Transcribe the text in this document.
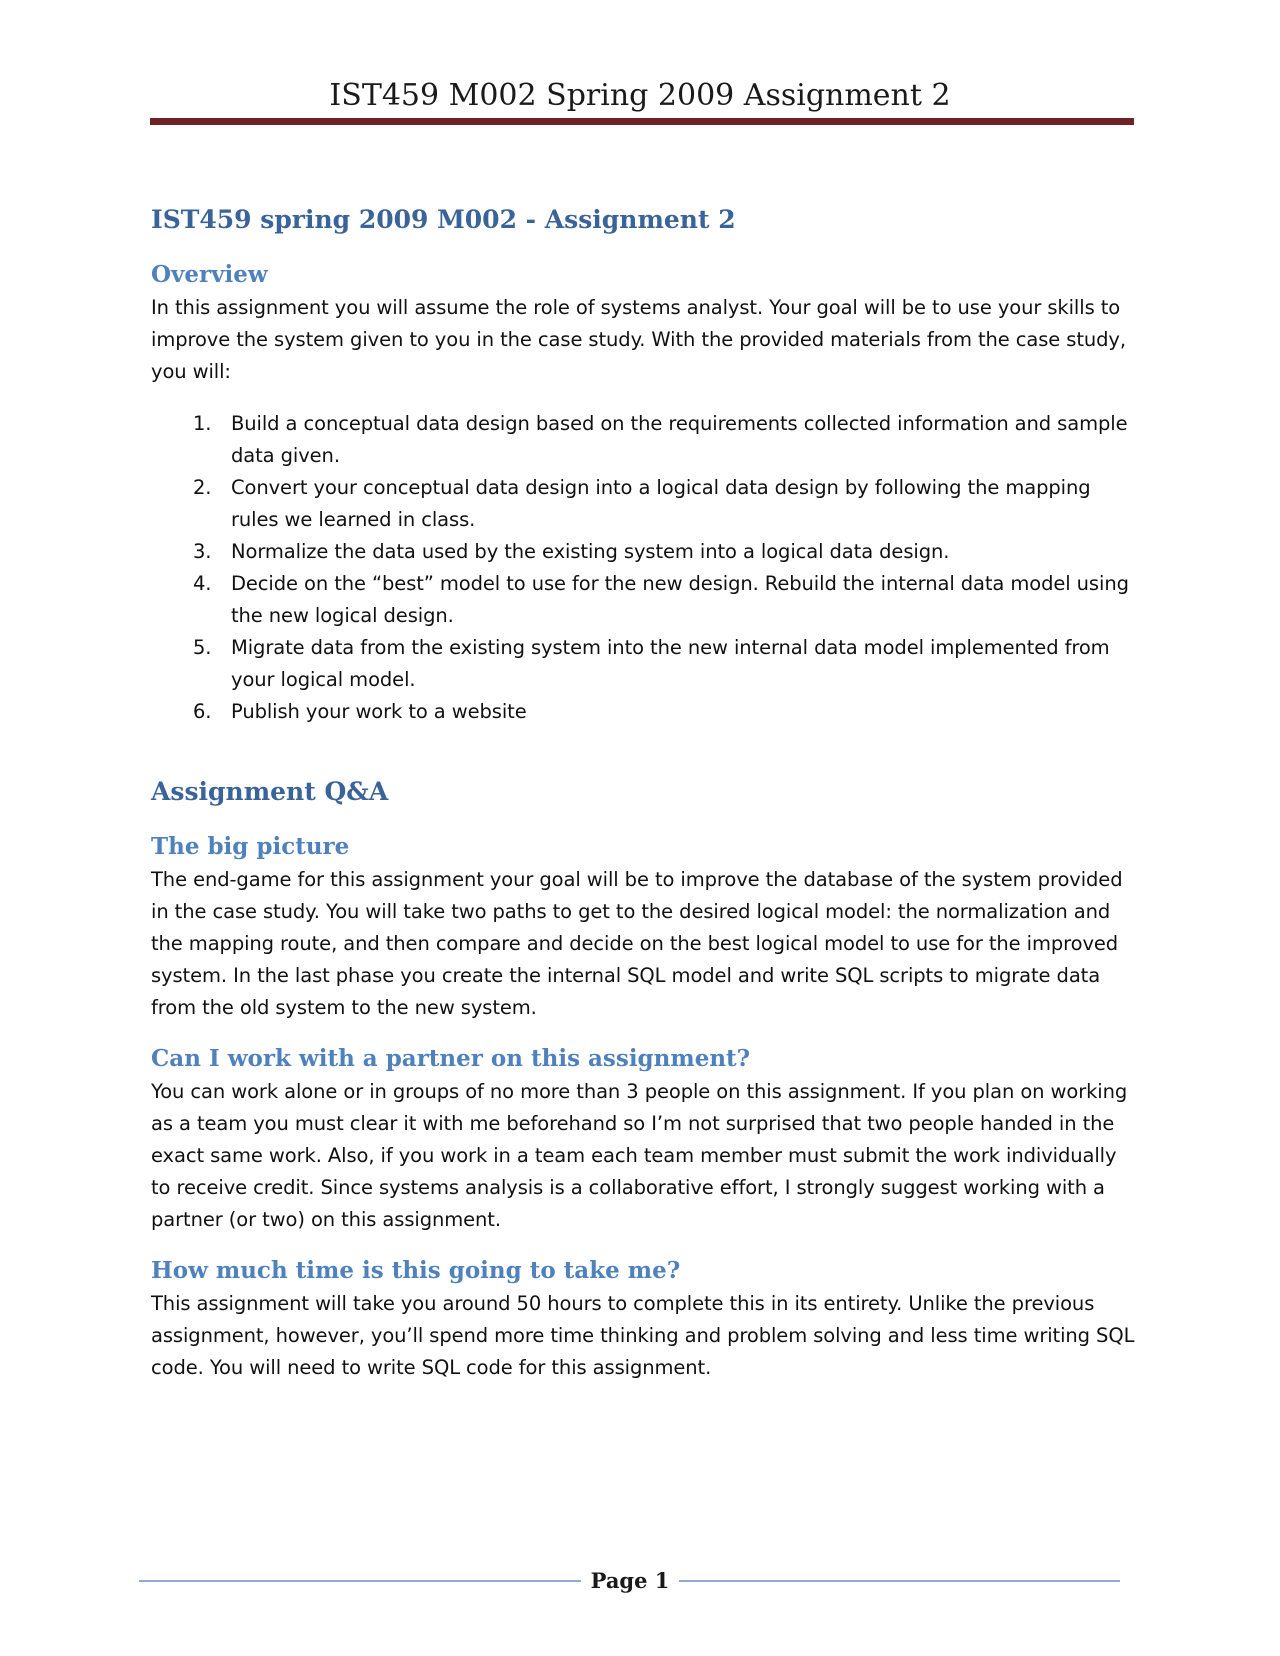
IST459 M002 Spring 2009 Assignment 2
IST459 spring 2009 M002 - Assignment 2
Overview

In this assignment you will assume the role of systems analyst. Your goal will be to use your skills to improve the system given to you in the case study. With the provided materials from the case study, you will:

1. Build a conceptual data design based on the requirements collected information and sample data given.
2. Convert your conceptual data design into a logical data design by following the mapping rules we learned in class.
3. Normalize the data used by the existing system into a logical data design.
4. Decide on the “best” model to use for the new design. Rebuild the internal data model using the new logical design.
5. Migrate data from the existing system into the new internal data model implemented from your logical model.
6. Publish your work to a website
Assignment Q&A
The big picture

The end-game for this assignment your goal will be to improve the database of the system provided in the case study. You will take two paths to get to the desired logical model: the normalization and the mapping route, and then compare and decide on the best logical model to use for the improved system. In the last phase you create the internal SQL model and write SQL scripts to migrate data from the old system to the new system.

Can I work with a partner on this assignment?

You can work alone or in groups of no more than 3 people on this assignment. If you plan on working as a team you must clear it with me beforehand so I’m not surprised that two people handed in the exact same work. Also, if you work in a team each team member must submit the work individually to receive credit. Since systems analysis is a collaborative effort, I strongly suggest working with a partner (or two) on this assignment.

How much time is this going to take me?

This assignment will take you around 50 hours to complete this in its entirety. Unlike the previous assignment, however, you’ll spend more time thinking and problem solving and less time writing SQL code. You will need to write SQL code for this assignment.

Page 1
